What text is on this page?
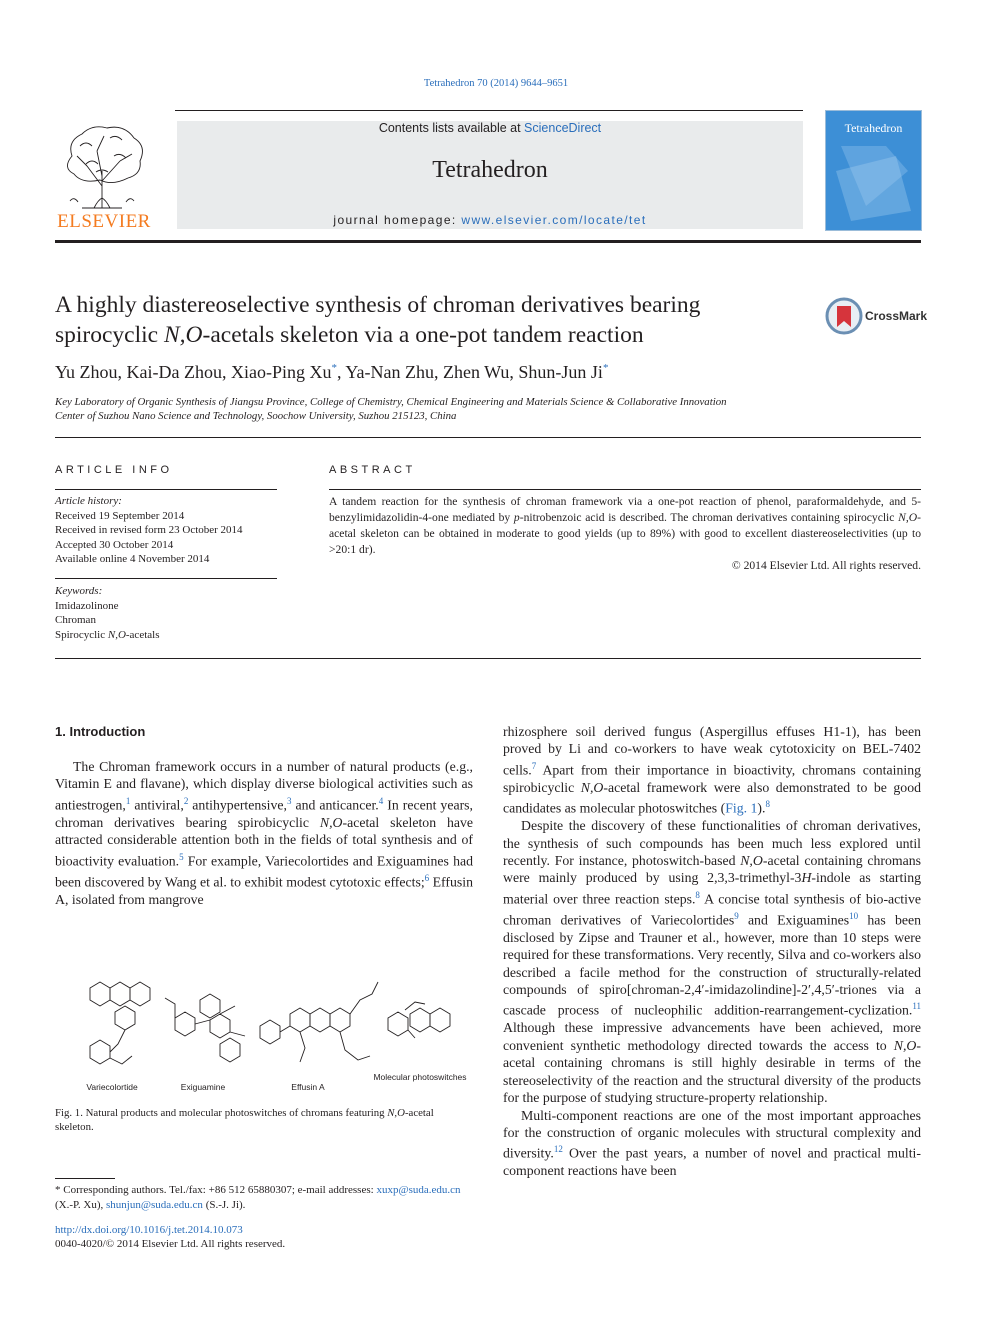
Tetrahedron 70 (2014) 9644–9651
ELSEVIER
Contents lists available at ScienceDirect
Tetrahedron
journal homepage: www.elsevier.com/locate/tet
Tetrahedron
A highly diastereoselective synthesis of chroman derivatives bearing
spirocyclic N,O-acetals skeleton via a one-pot tandem reaction
CrossMark
Yu Zhou, Kai-Da Zhou, Xiao-Ping Xu*, Ya-Nan Zhu, Zhen Wu, Shun-Jun Ji*
Key Laboratory of Organic Synthesis of Jiangsu Province, College of Chemistry, Chemical Engineering and Materials Science & Collaborative Innovation
Center of Suzhou Nano Science and Technology, Soochow University, Suzhou 215123, China
ARTICLE INFO
Article history:
Received 19 September 2014
Received in revised form 23 October 2014
Accepted 30 October 2014
Available online 4 November 2014
Keywords:
Imidazolinone
Chroman
Spirocyclic N,O-acetals
ABSTRACT
A tandem reaction for the synthesis of chroman framework via a one-pot reaction of phenol, paraformaldehyde, and 5-benzylimidazolidin-4-one mediated by p-nitrobenzoic acid is described. The chroman derivatives containing spirocyclic N,O-acetal skeleton can be obtained in moderate to good yields (up to 89%) with good to excellent diastereoselectivities (up to >20:1 dr).
© 2014 Elsevier Ltd. All rights reserved.
1. Introduction

The Chroman framework occurs in a number of natural products (e.g., Vitamin E and flavane), which display diverse biological activities such as antiestrogen,$^1$ antiviral,$^2$ antihypertensive,$^3$ and anticancer.$^4$ In recent years, chroman derivatives bearing spirobicyclic N,O-acetal skeleton have attracted considerable attention both in the fields of total synthesis and of bioactivity evaluation.$^5$ For example, Variecolortides and Exiguamines had been discovered by Wang et al. to exhibit modest cytotoxic effects;$^6$ Effusin A, isolated from mangrove

Variecolortide	Exiguamine	Effusin A
Molecular photoswitches
Fig. 1. Natural products and molecular photoswitches of chromans featuring N,O-acetal skeleton.
* Corresponding authors. Tel./fax: +86 512 65880307; e-mail addresses: xuxp@suda.edu.cn (X.-P. Xu), shunjun@suda.edu.cn (S.-J. Ji).
http://dx.doi.org/10.1016/j.tet.2014.10.073
0040-4020/© 2014 Elsevier Ltd. All rights reserved.

rhizosphere soil derived fungus (Aspergillus effuses H1-1), has been proved by Li and co-workers to have weak cytotoxicity on BEL-7402 cells.$^7$ Apart from their importance in bioactivity, chromans containing spirobicyclic N,O-acetal framework were also demonstrated to be good candidates as molecular photoswitches (Fig. 1).$^8$

Despite the discovery of these functionalities of chroman derivatives, the synthesis of such compounds has been much less explored until recently. For instance, photoswitch-based N,O-acetal containing chromans were mainly produced by using 2,3,3-trimethyl-3H-indole as starting material over three reaction steps.$^8$ A concise total synthesis of bio-active chroman derivatives of Variecolortides$^9$ and Exiguamines$^{10}$ has been disclosed by Zipse and Trauner et al., however, more than 10 steps were required for these transformations. Very recently, Silva and co-workers also described a facile method for the construction of structurally-related compounds of spiro[chroman-2,4′-imidazolindine]-2′,4,5′-triones via a cascade process of nucleophilic addition-rearrangement-cyclization.$^{11}$ Although these impressive advancements have been achieved, more convenient synthetic methodology directed towards the access to N,O-acetal containing chromans is still highly desirable in terms of the stereoselectivity of the reaction and the structural diversity of the products for the purpose of studying structure-property relationship.

Multi-component reactions are one of the most important approaches for the construction of organic molecules with structural complexity and diversity.$^{12}$ Over the past years, a number of novel and practical multi-component reactions have been
